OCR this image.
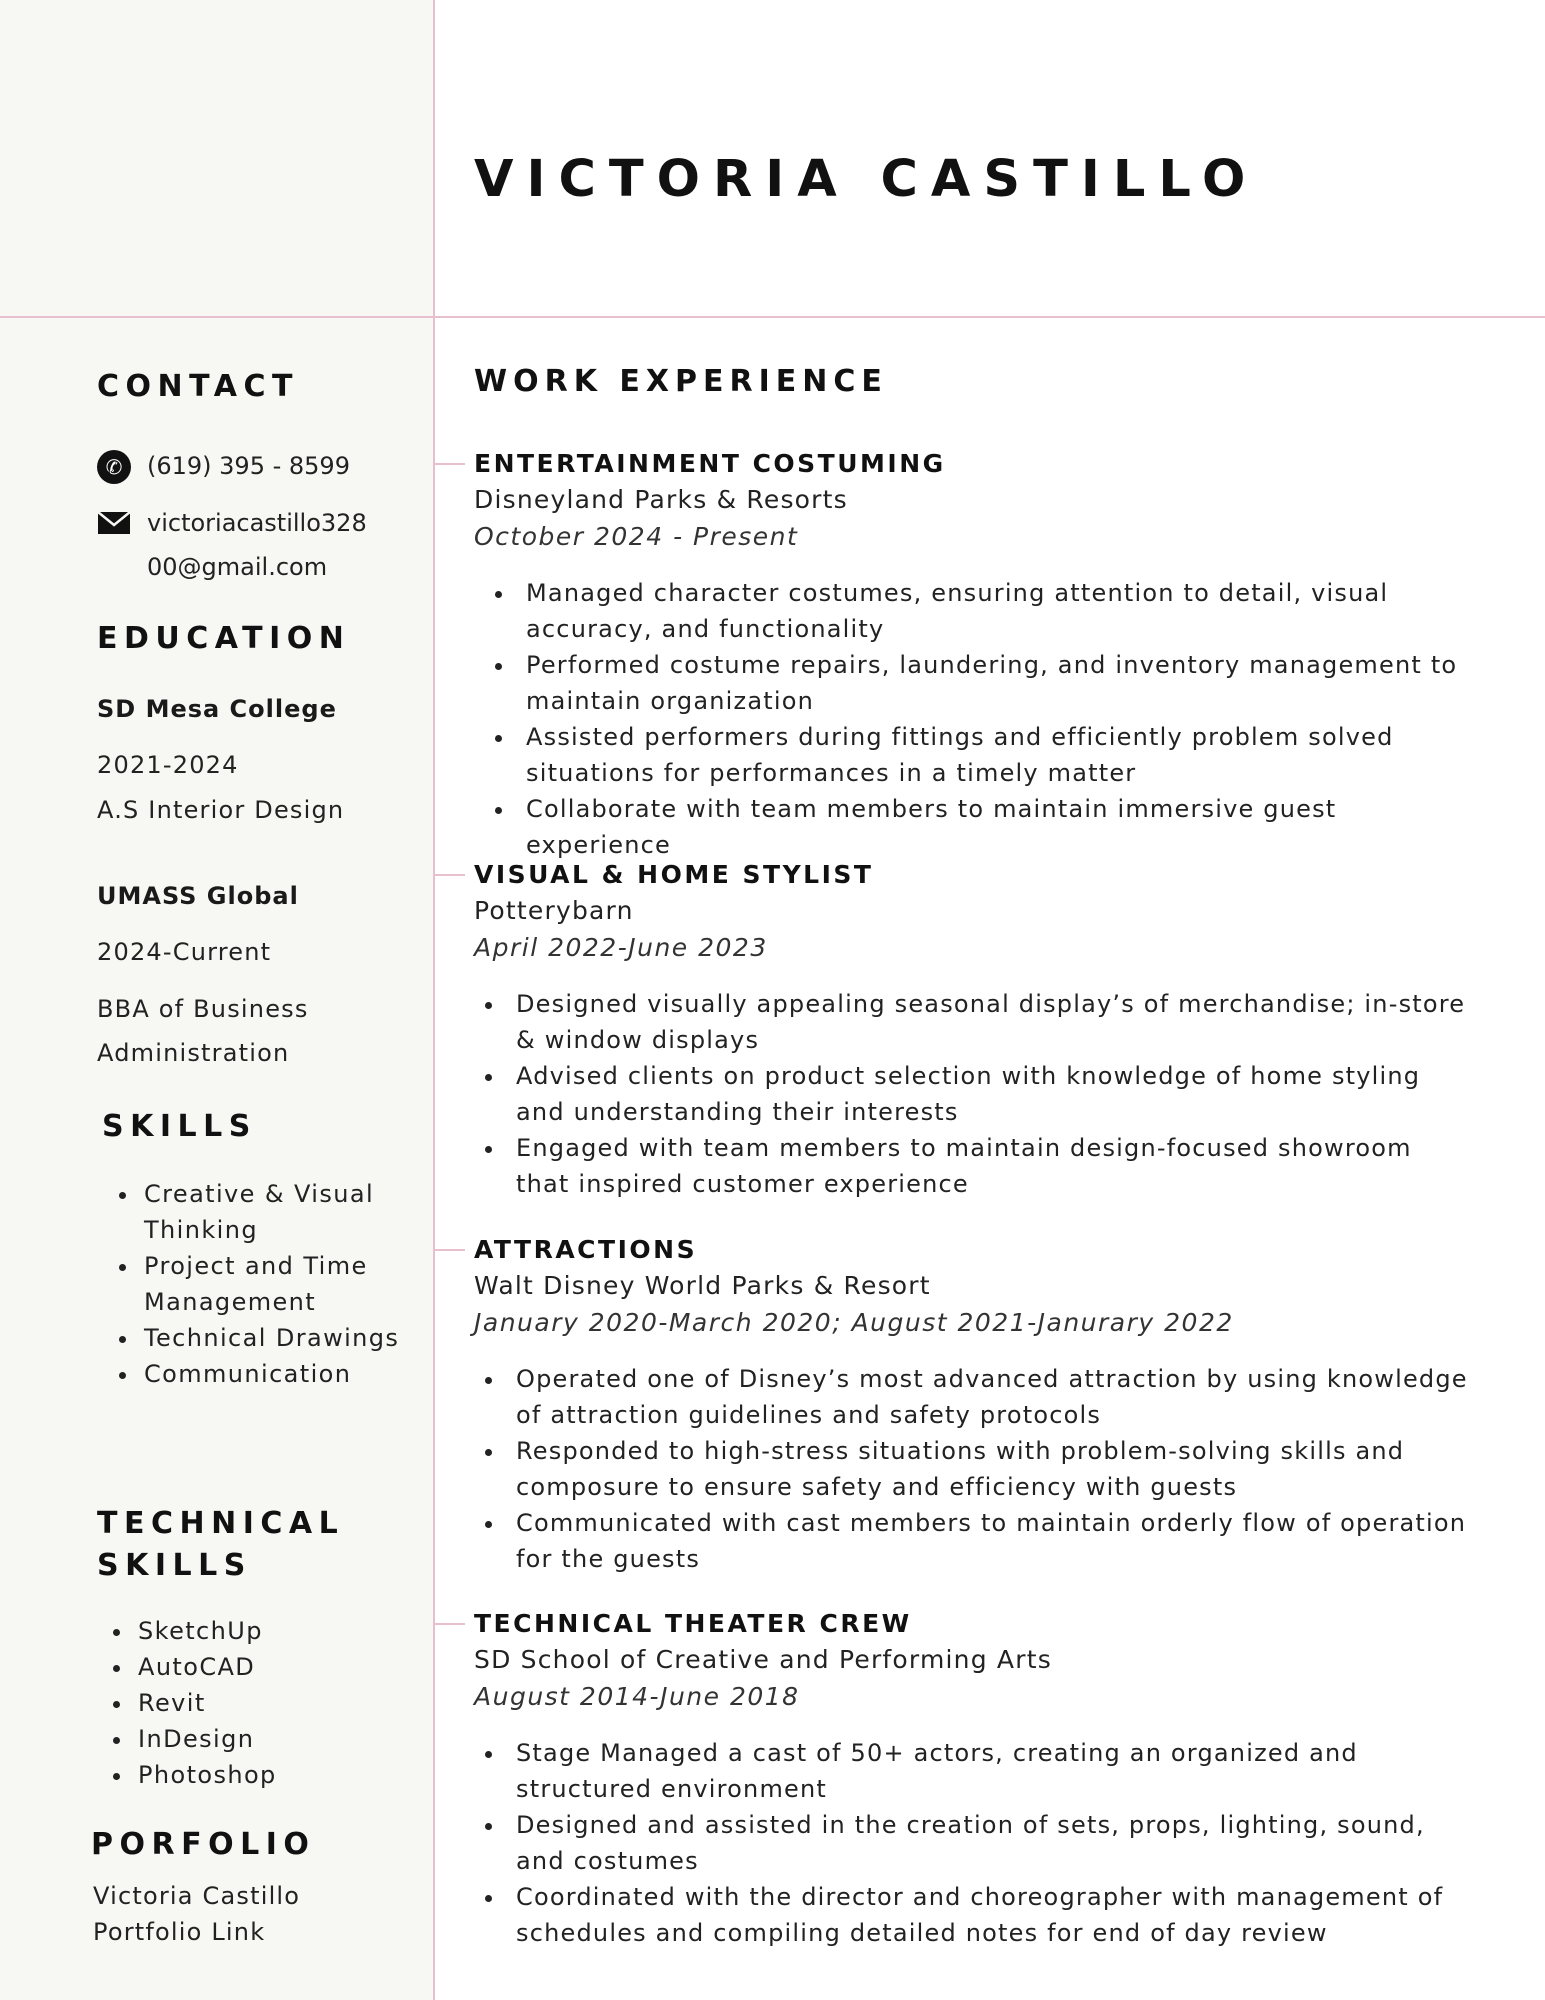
VICTORIA CASTILLO
CONTACT
✆	(619) 395 - 8599
victoriacastillo328
00@gmail.com
EDUCATION

SD Mesa College

2021-2024

A.S Interior Design

UMASS Global

2024-Current

BBA of Business

Administration

SKILLS
• Creative & Visual Thinking
• Project and Time Management
• Technical Drawings
• Communication
TECHNICAL
SKILLS
• SketchUp
• AutoCAD
• Revit
• InDesign
• Photoshop
PORFOLIO

Victoria Castillo

Portfolio Link

WORK EXPERIENCE

ENTERTAINMENT COSTUMING

Disneyland Parks & Resorts

October 2024 - Present

• Managed character costumes, ensuring attention to detail, visual accuracy, and functionality
• Performed costume repairs, laundering, and inventory management to maintain organization
• Assisted performers during fittings and efficiently problem solved situations for performances in a timely matter
• Collaborate with team members to maintain immersive guest experience

VISUAL & HOME STYLIST

Potterybarn

April 2022-June 2023

• Designed visually appealing seasonal display’s of merchandise; in-store & window displays
• Advised clients on product selection with knowledge of home styling and understanding their interests
• Engaged with team members to maintain design-focused showroom that inspired customer experience

ATTRACTIONS

Walt Disney World Parks & Resort

January 2020-March 2020; August 2021-Janurary 2022

• Operated one of Disney’s most advanced attraction by using knowledge of attraction guidelines and safety protocols
• Responded to high-stress situations with problem-solving skills and composure to ensure safety and efficiency with guests
• Communicated with cast members to maintain orderly flow of operation for the guests

TECHNICAL THEATER CREW

SD School of Creative and Performing Arts

August 2014-June 2018

• Stage Managed a cast of 50+ actors, creating an organized and structured environment
• Designed and assisted in the creation of sets, props, lighting, sound, and costumes
• Coordinated with the director and choreographer with management of schedules and compiling detailed notes for end of day review
